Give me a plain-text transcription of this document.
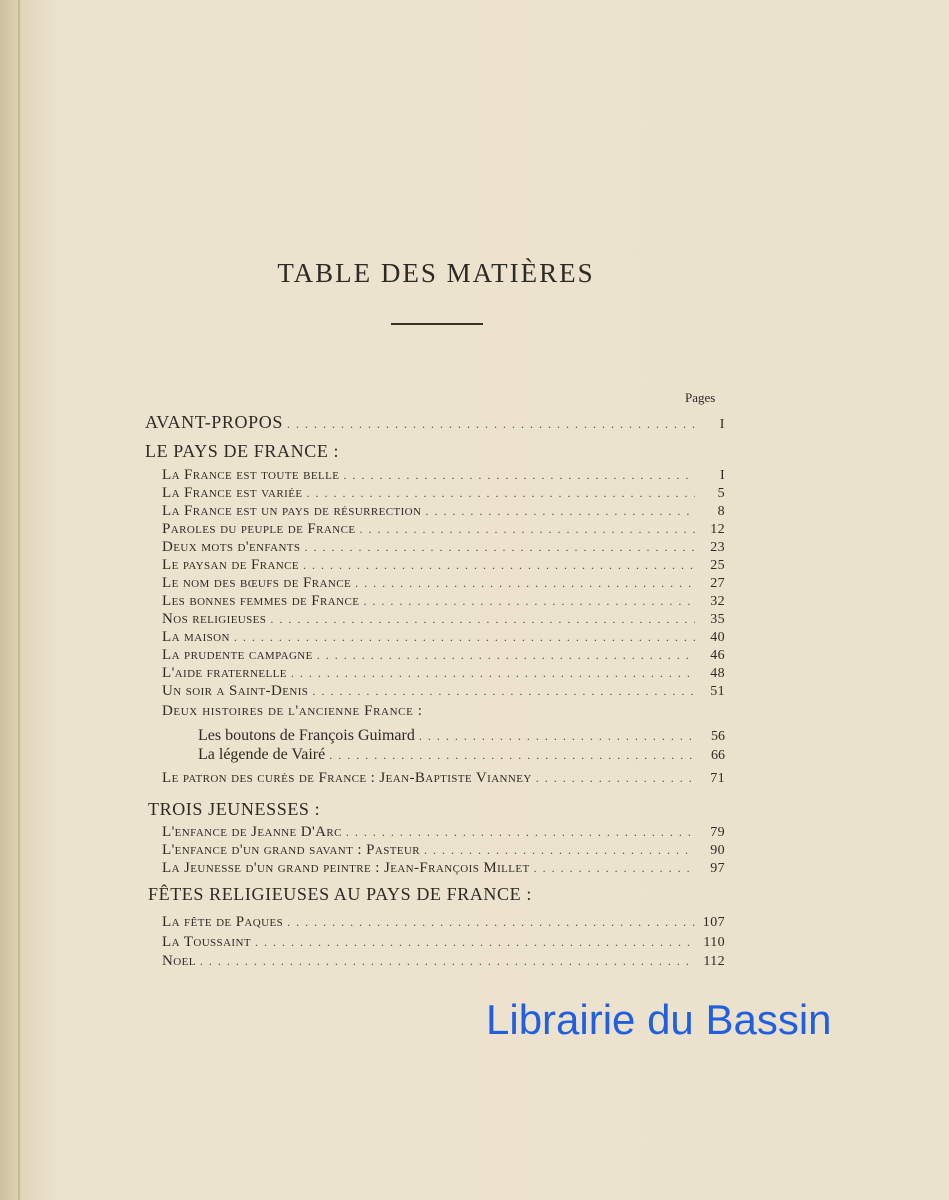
TABLE DES MATIÈRES
Pages
AVANT-PROPOS . . .	I
LE PAYS DE FRANCE :
La France est toute belle . . .	I
La France est variée . . .	5
La France est un pays de résurrection . . .	8
Paroles du peuple de France . . .	12
Deux mots d'enfants . . .	23
Le paysan de France . . .	25
Le nom des bœufs de France . . .	27
Les bonnes femmes de France . . .	32
Nos religieuses . . .	35
La maison . . .	40
La prudente campagne . . .	46
L'aide fraternelle . . .	48
Un soir a Saint-Denis . . .	51
Deux histoires de l'ancienne France :
Les boutons de François Guimard . . .	56
La légende de Vairé . . .	66
Le patron des curés de France : Jean-Baptiste Vianney . . .	71
TROIS JEUNESSES :
L'enfance de Jeanne D'Arc . . .	79
L'enfance d'un grand savant : Pasteur . . .	90
La Jeunesse d'un grand peintre : Jean-François Millet . . .	97
FÊTES RELIGIEUSES AU PAYS DE FRANCE :
La fête de Paques . . .	107
La Toussaint . . .	110
Noel . . .	112
Librairie du Bassin
